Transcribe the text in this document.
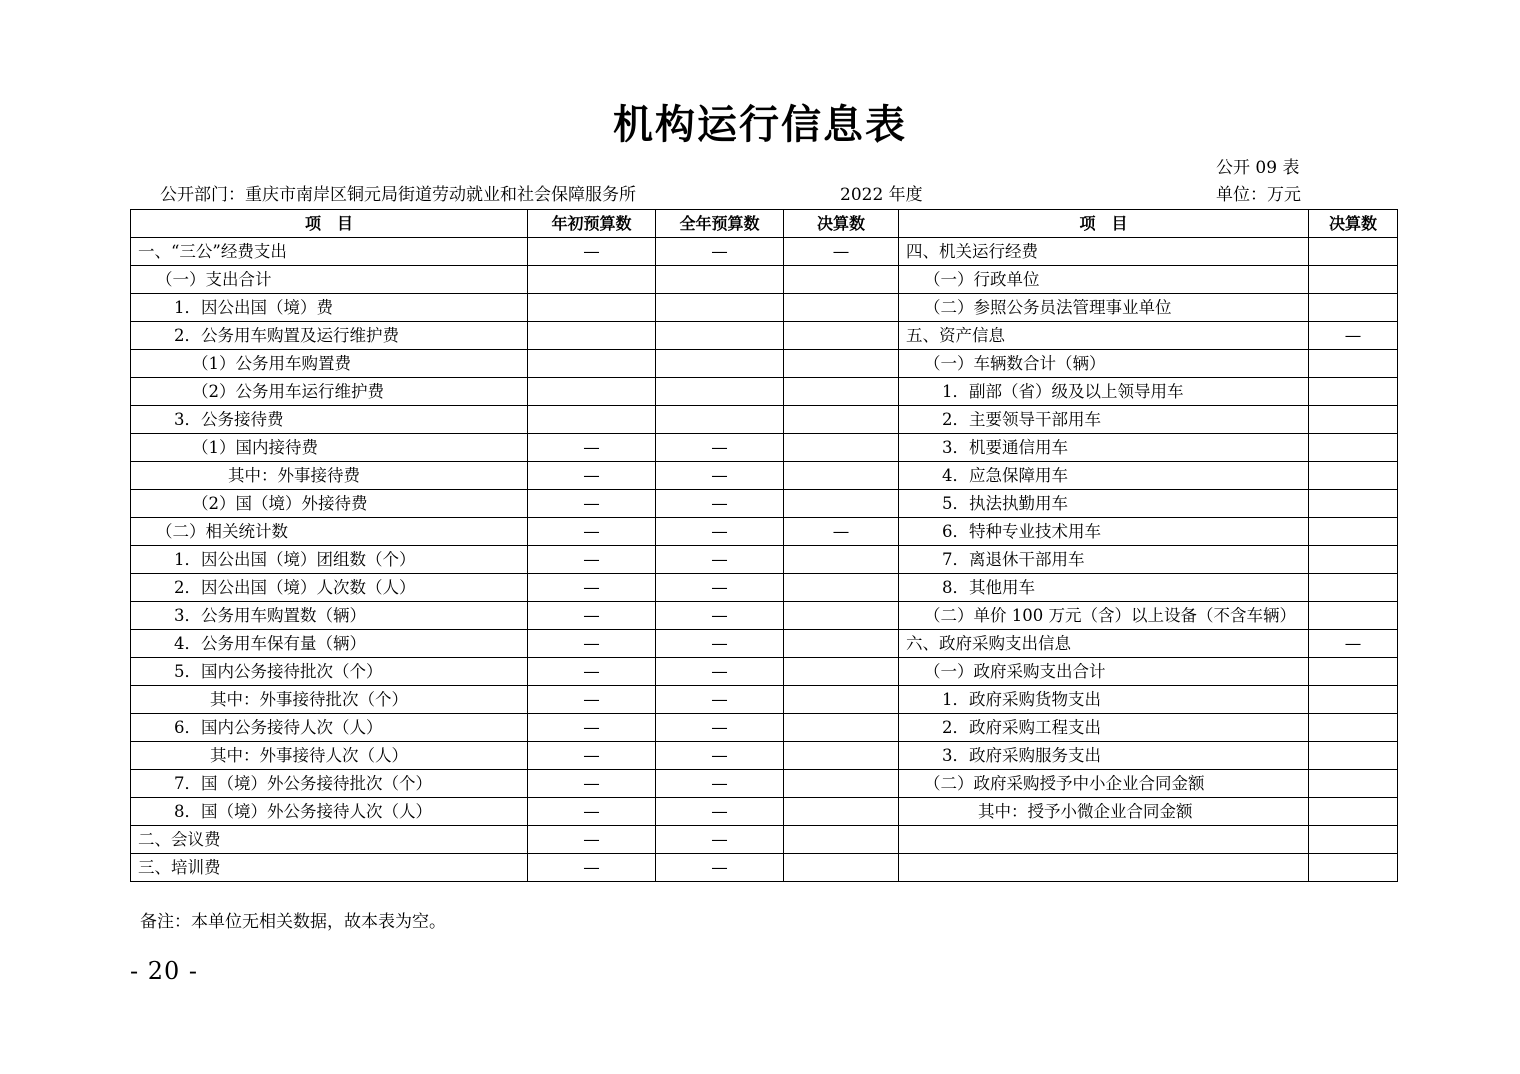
机构运行信息表
公开 09 表
公开部门：重庆市南岸区铜元局街道劳动就业和社会保障服务所	2022 年度	单位：万元
项　目	年初预算数	全年预算数	决算数	项　目	决算数
一、“三公”经费支出	—	—	—	四、机关运行经费	
（一）支出合计				（一）行政单位	
1．因公出国（境）费				（二）参照公务员法管理事业单位	
2．公务用车购置及运行维护费				五、资产信息	—
（1）公务用车购置费				（一）车辆数合计（辆）	
（2）公务用车运行维护费				1．副部（省）级及以上领导用车	
3．公务接待费				2．主要领导干部用车	
（1）国内接待费	—	—		3．机要通信用车	
其中：外事接待费	—	—		4．应急保障用车	
（2）国（境）外接待费	—	—		5．执法执勤用车	
（二）相关统计数	—	—	—	6．特种专业技术用车	
1．因公出国（境）团组数（个）	—	—		7．离退休干部用车	
2．因公出国（境）人次数（人）	—	—		8．其他用车	
3．公务用车购置数（辆）	—	—		（二）单价 100 万元（含）以上设备（不含车辆）	
4．公务用车保有量（辆）	—	—		六、政府采购支出信息	—
5．国内公务接待批次（个）	—	—		（一）政府采购支出合计	
其中：外事接待批次（个）	—	—		1．政府采购货物支出	
6．国内公务接待人次（人）	—	—		2．政府采购工程支出	
其中：外事接待人次（人）	—	—		3．政府采购服务支出	
7．国（境）外公务接待批次（个）	—	—		（二）政府采购授予中小企业合同金额	
8．国（境）外公务接待人次（人）	—	—		其中：授予小微企业合同金额	
二、会议费	—	—			
三、培训费	—	—			
备注：本单位无相关数据，故本表为空。
- 20 -
